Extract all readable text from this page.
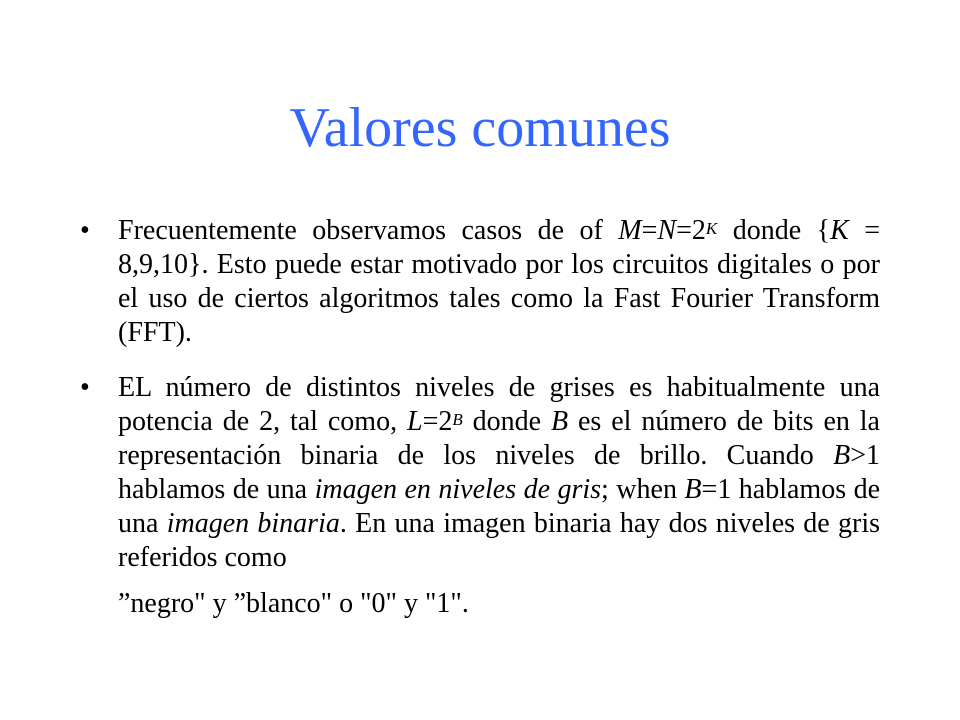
Valores comunes
• Frecuentemente observamos casos de of $M=N=2^K$ donde {K = 8,9,10}. Esto puede estar motivado por los circuitos digitales o por el uso de ciertos algoritmos tales como la Fast Fourier Transform (FFT).
• EL número de distintos niveles de grises es habitualmente una potencia de 2, tal como, $L=2^B$ donde B es el número de bits en la representación binaria de los niveles de brillo. Cuando B>1 hablamos de una imagen en niveles de gris; when B=1 hablamos de una imagen binaria. En una imagen binaria hay dos niveles de gris referidos como
”negro" y ”blanco" o "0" y "1".
